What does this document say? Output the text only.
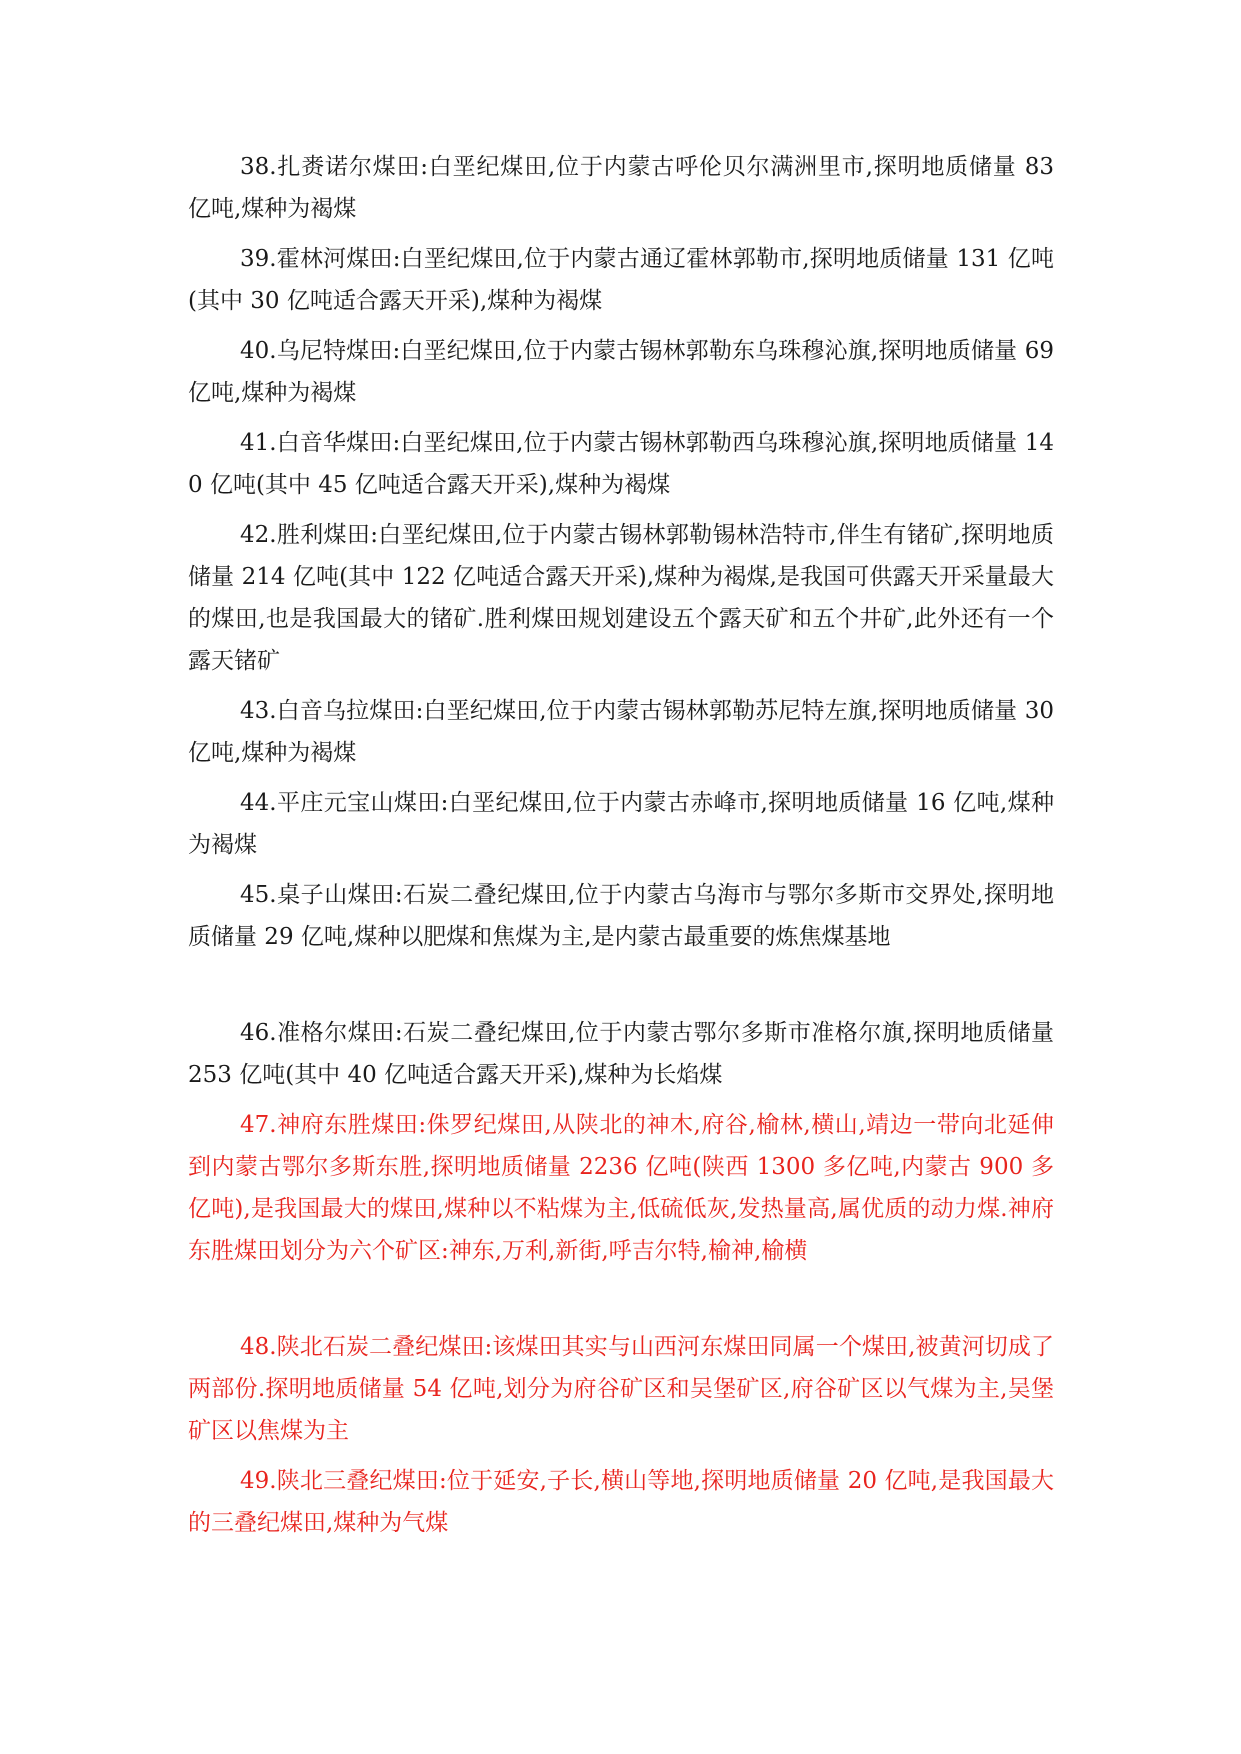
38.扎赉诺尔煤田:白垩纪煤田,位于内蒙古呼伦贝尔满洲里市,探明地质储量 83 亿吨,煤种为褐煤

39.霍林河煤田:白垩纪煤田,位于内蒙古通辽霍林郭勒市,探明地质储量 131 亿吨(其中 30 亿吨适合露天开采),煤种为褐煤

40.乌尼特煤田:白垩纪煤田,位于内蒙古锡林郭勒东乌珠穆沁旗,探明地质储量 69 亿吨,煤种为褐煤

41.白音华煤田:白垩纪煤田,位于内蒙古锡林郭勒西乌珠穆沁旗,探明地质储量 140 亿吨(其中 45 亿吨适合露天开采),煤种为褐煤

42.胜利煤田:白垩纪煤田,位于内蒙古锡林郭勒锡林浩特市,伴生有锗矿,探明地质储量 214 亿吨(其中 122 亿吨适合露天开采),煤种为褐煤,是我国可供露天开采量最大的煤田,也是我国最大的锗矿.胜利煤田规划建设五个露天矿和五个井矿,此外还有一个露天锗矿

43.白音乌拉煤田:白垩纪煤田,位于内蒙古锡林郭勒苏尼特左旗,探明地质储量 30 亿吨,煤种为褐煤

44.平庄元宝山煤田:白垩纪煤田,位于内蒙古赤峰市,探明地质储量 16 亿吨,煤种为褐煤

45.桌子山煤田:石炭二叠纪煤田,位于内蒙古乌海市与鄂尔多斯市交界处,探明地质储量 29 亿吨,煤种以肥煤和焦煤为主,是内蒙古最重要的炼焦煤基地

46.准格尔煤田:石炭二叠纪煤田,位于内蒙古鄂尔多斯市准格尔旗,探明地质储量 253 亿吨(其中 40 亿吨适合露天开采),煤种为长焰煤

47.神府东胜煤田:侏罗纪煤田,从陕北的神木,府谷,榆林,横山,靖边一带向北延伸到内蒙古鄂尔多斯东胜,探明地质储量 2236 亿吨(陕西 1300 多亿吨,内蒙古 900 多亿吨),是我国最大的煤田,煤种以不粘煤为主,低硫低灰,发热量高,属优质的动力煤.神府东胜煤田划分为六个矿区:神东,万利,新街,呼吉尔特,榆神,榆横

48.陕北石炭二叠纪煤田:该煤田其实与山西河东煤田同属一个煤田,被黄河切成了两部份.探明地质储量 54 亿吨,划分为府谷矿区和吴堡矿区,府谷矿区以气煤为主,吴堡矿区以焦煤为主

49.陕北三叠纪煤田:位于延安,子长,横山等地,探明地质储量 20 亿吨,是我国最大的三叠纪煤田,煤种为气煤
